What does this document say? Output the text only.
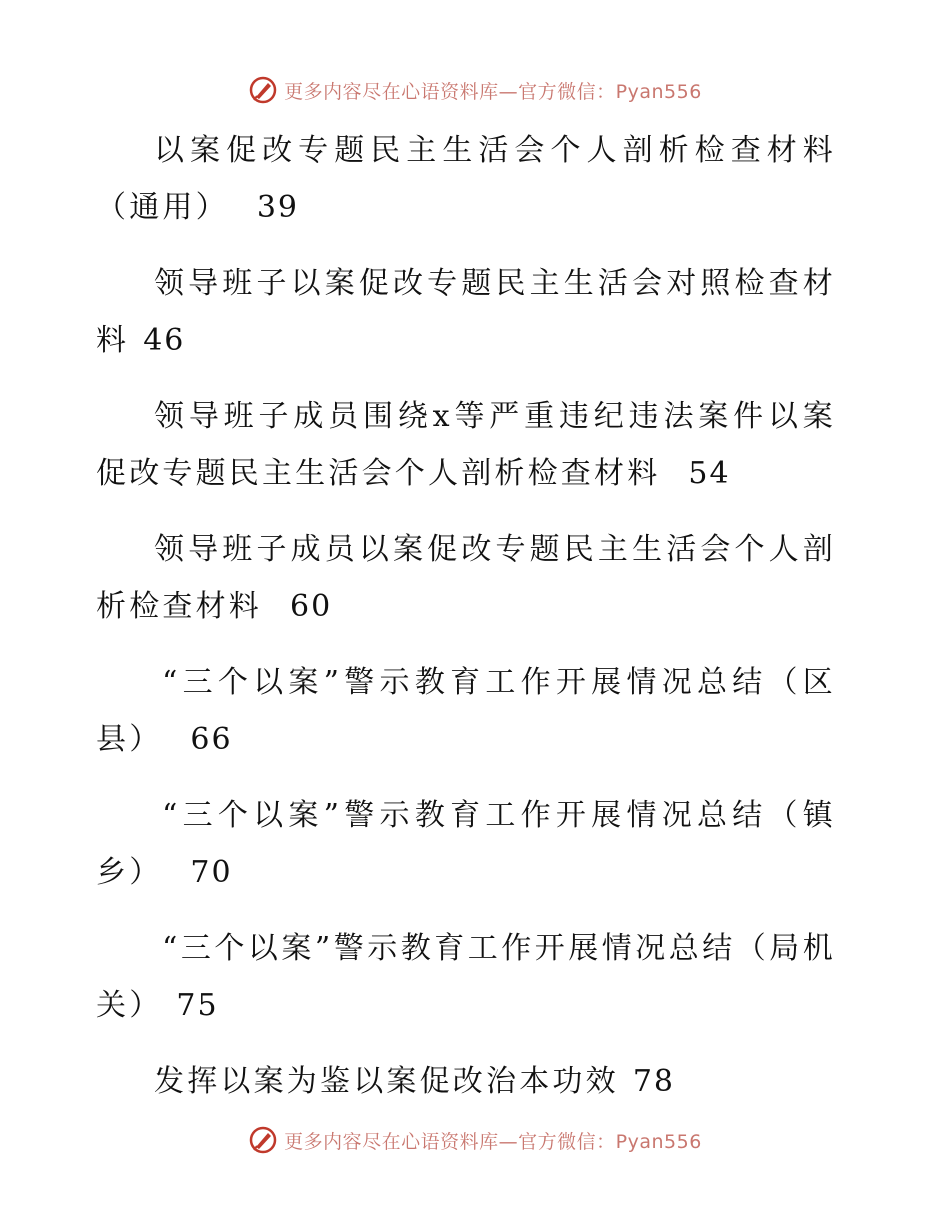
更多内容尽在心语资料库—官方微信：Pyan556
以案促改专题民主生活会个人剖析检查材料（通用） 39
领导班子以案促改专题民主生活会对照检查材料 46
领导班子成员围绕x等严重违纪违法案件以案促改专题民主生活会个人剖析检查材料 54
领导班子成员以案促改专题民主生活会个人剖析检查材料 60
“三个以案”警示教育工作开展情况总结（区县） 66
“三个以案”警示教育工作开展情况总结（镇乡） 70
“三个以案”警示教育工作开展情况总结（局机关） 75
发挥以案为鉴以案促改治本功效 78
更多内容尽在心语资料库—官方微信：Pyan556
